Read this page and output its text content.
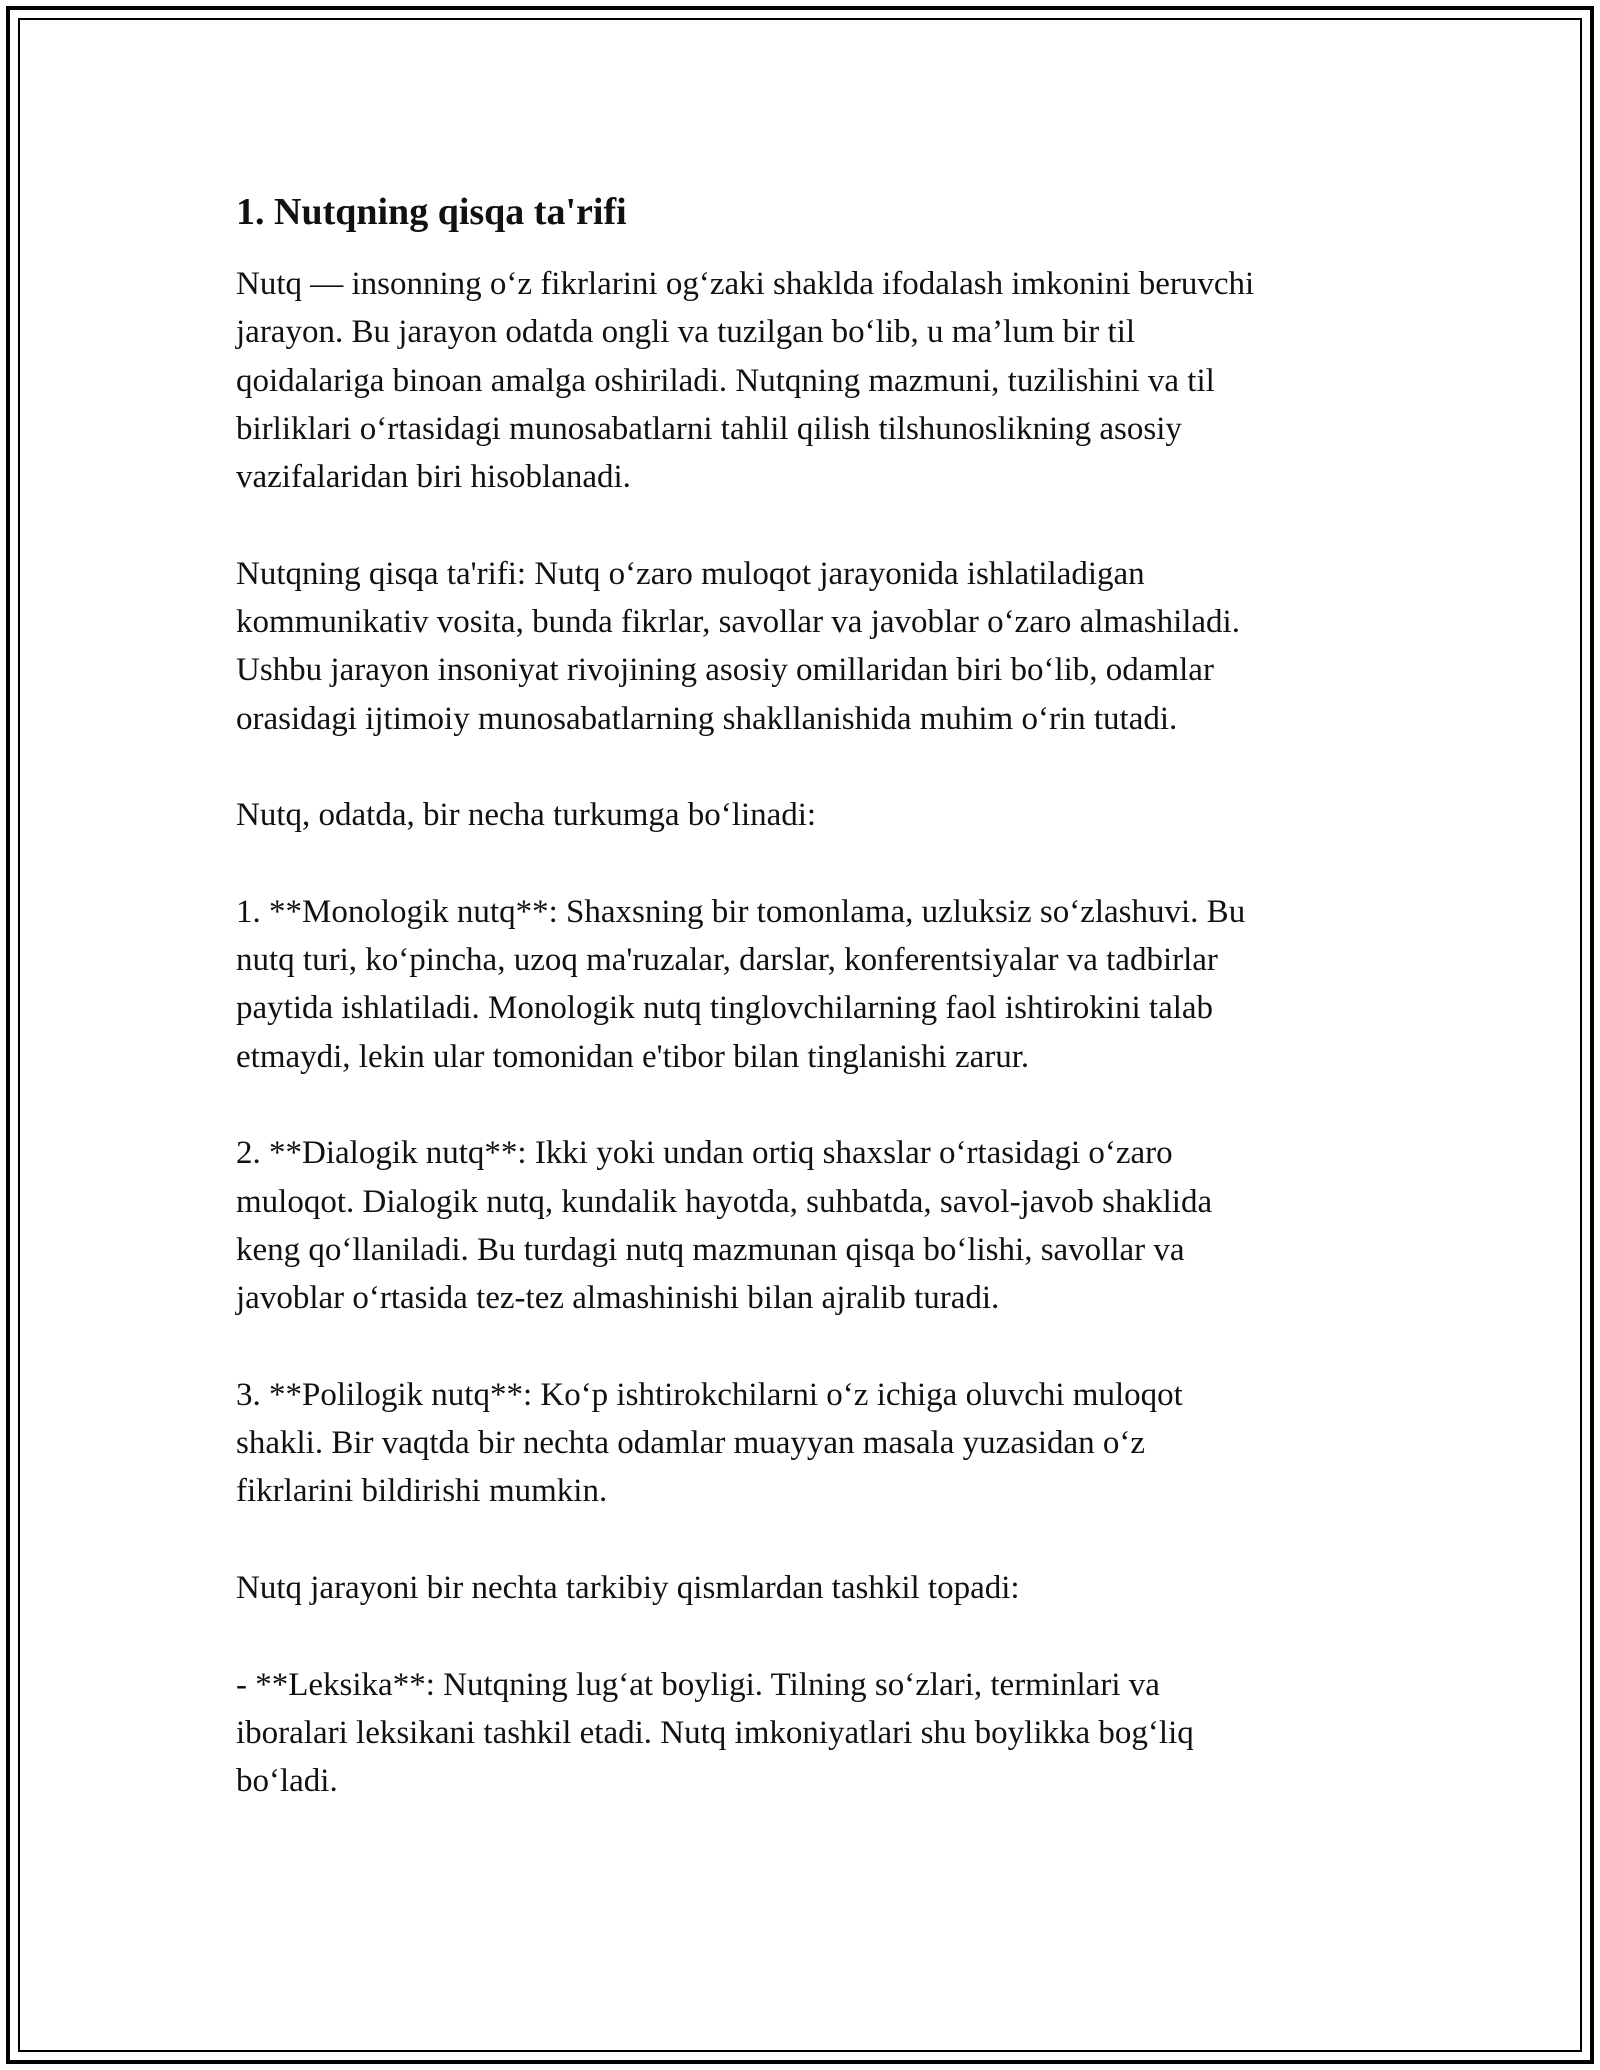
1. Nutqning qisqa ta'rifi

Nutq — insonning o‘z fikrlarini og‘zaki shaklda ifodalash imkonini beruvchi
jarayon. Bu jarayon odatda ongli va tuzilgan bo‘lib, u ma’lum bir til
qoidalariga binoan amalga oshiriladi. Nutqning mazmuni, tuzilishini va til
birliklari o‘rtasidagi munosabatlarni tahlil qilish tilshunoslikning asosiy
vazifalaridan biri hisoblanadi.

Nutqning qisqa ta'rifi: Nutq o‘zaro muloqot jarayonida ishlatiladigan
kommunikativ vosita, bunda fikrlar, savollar va javoblar o‘zaro almashiladi.
Ushbu jarayon insoniyat rivojining asosiy omillaridan biri bo‘lib, odamlar
orasidagi ijtimoiy munosabatlarning shakllanishida muhim o‘rin tutadi.

Nutq, odatda, bir necha turkumga bo‘linadi:

1. **Monologik nutq**: Shaxsning bir tomonlama, uzluksiz so‘zlashuvi. Bu
nutq turi, ko‘pincha, uzoq ma'ruzalar, darslar, konferentsiyalar va tadbirlar
paytida ishlatiladi. Monologik nutq tinglovchilarning faol ishtirokini talab
etmaydi, lekin ular tomonidan e'tibor bilan tinglanishi zarur.

2. **Dialogik nutq**: Ikki yoki undan ortiq shaxslar o‘rtasidagi o‘zaro
muloqot. Dialogik nutq, kundalik hayotda, suhbatda, savol-javob shaklida
keng qo‘llaniladi. Bu turdagi nutq mazmunan qisqa bo‘lishi, savollar va
javoblar o‘rtasida tez-tez almashinishi bilan ajralib turadi.

3. **Polilogik nutq**: Ko‘p ishtirokchilarni o‘z ichiga oluvchi muloqot
shakli. Bir vaqtda bir nechta odamlar muayyan masala yuzasidan o‘z
fikrlarini bildirishi mumkin.

Nutq jarayoni bir nechta tarkibiy qismlardan tashkil topadi:

- **Leksika**: Nutqning lug‘at boyligi. Tilning so‘zlari, terminlari va
iboralari leksikani tashkil etadi. Nutq imkoniyatlari shu boylikka bog‘liq
bo‘ladi.
